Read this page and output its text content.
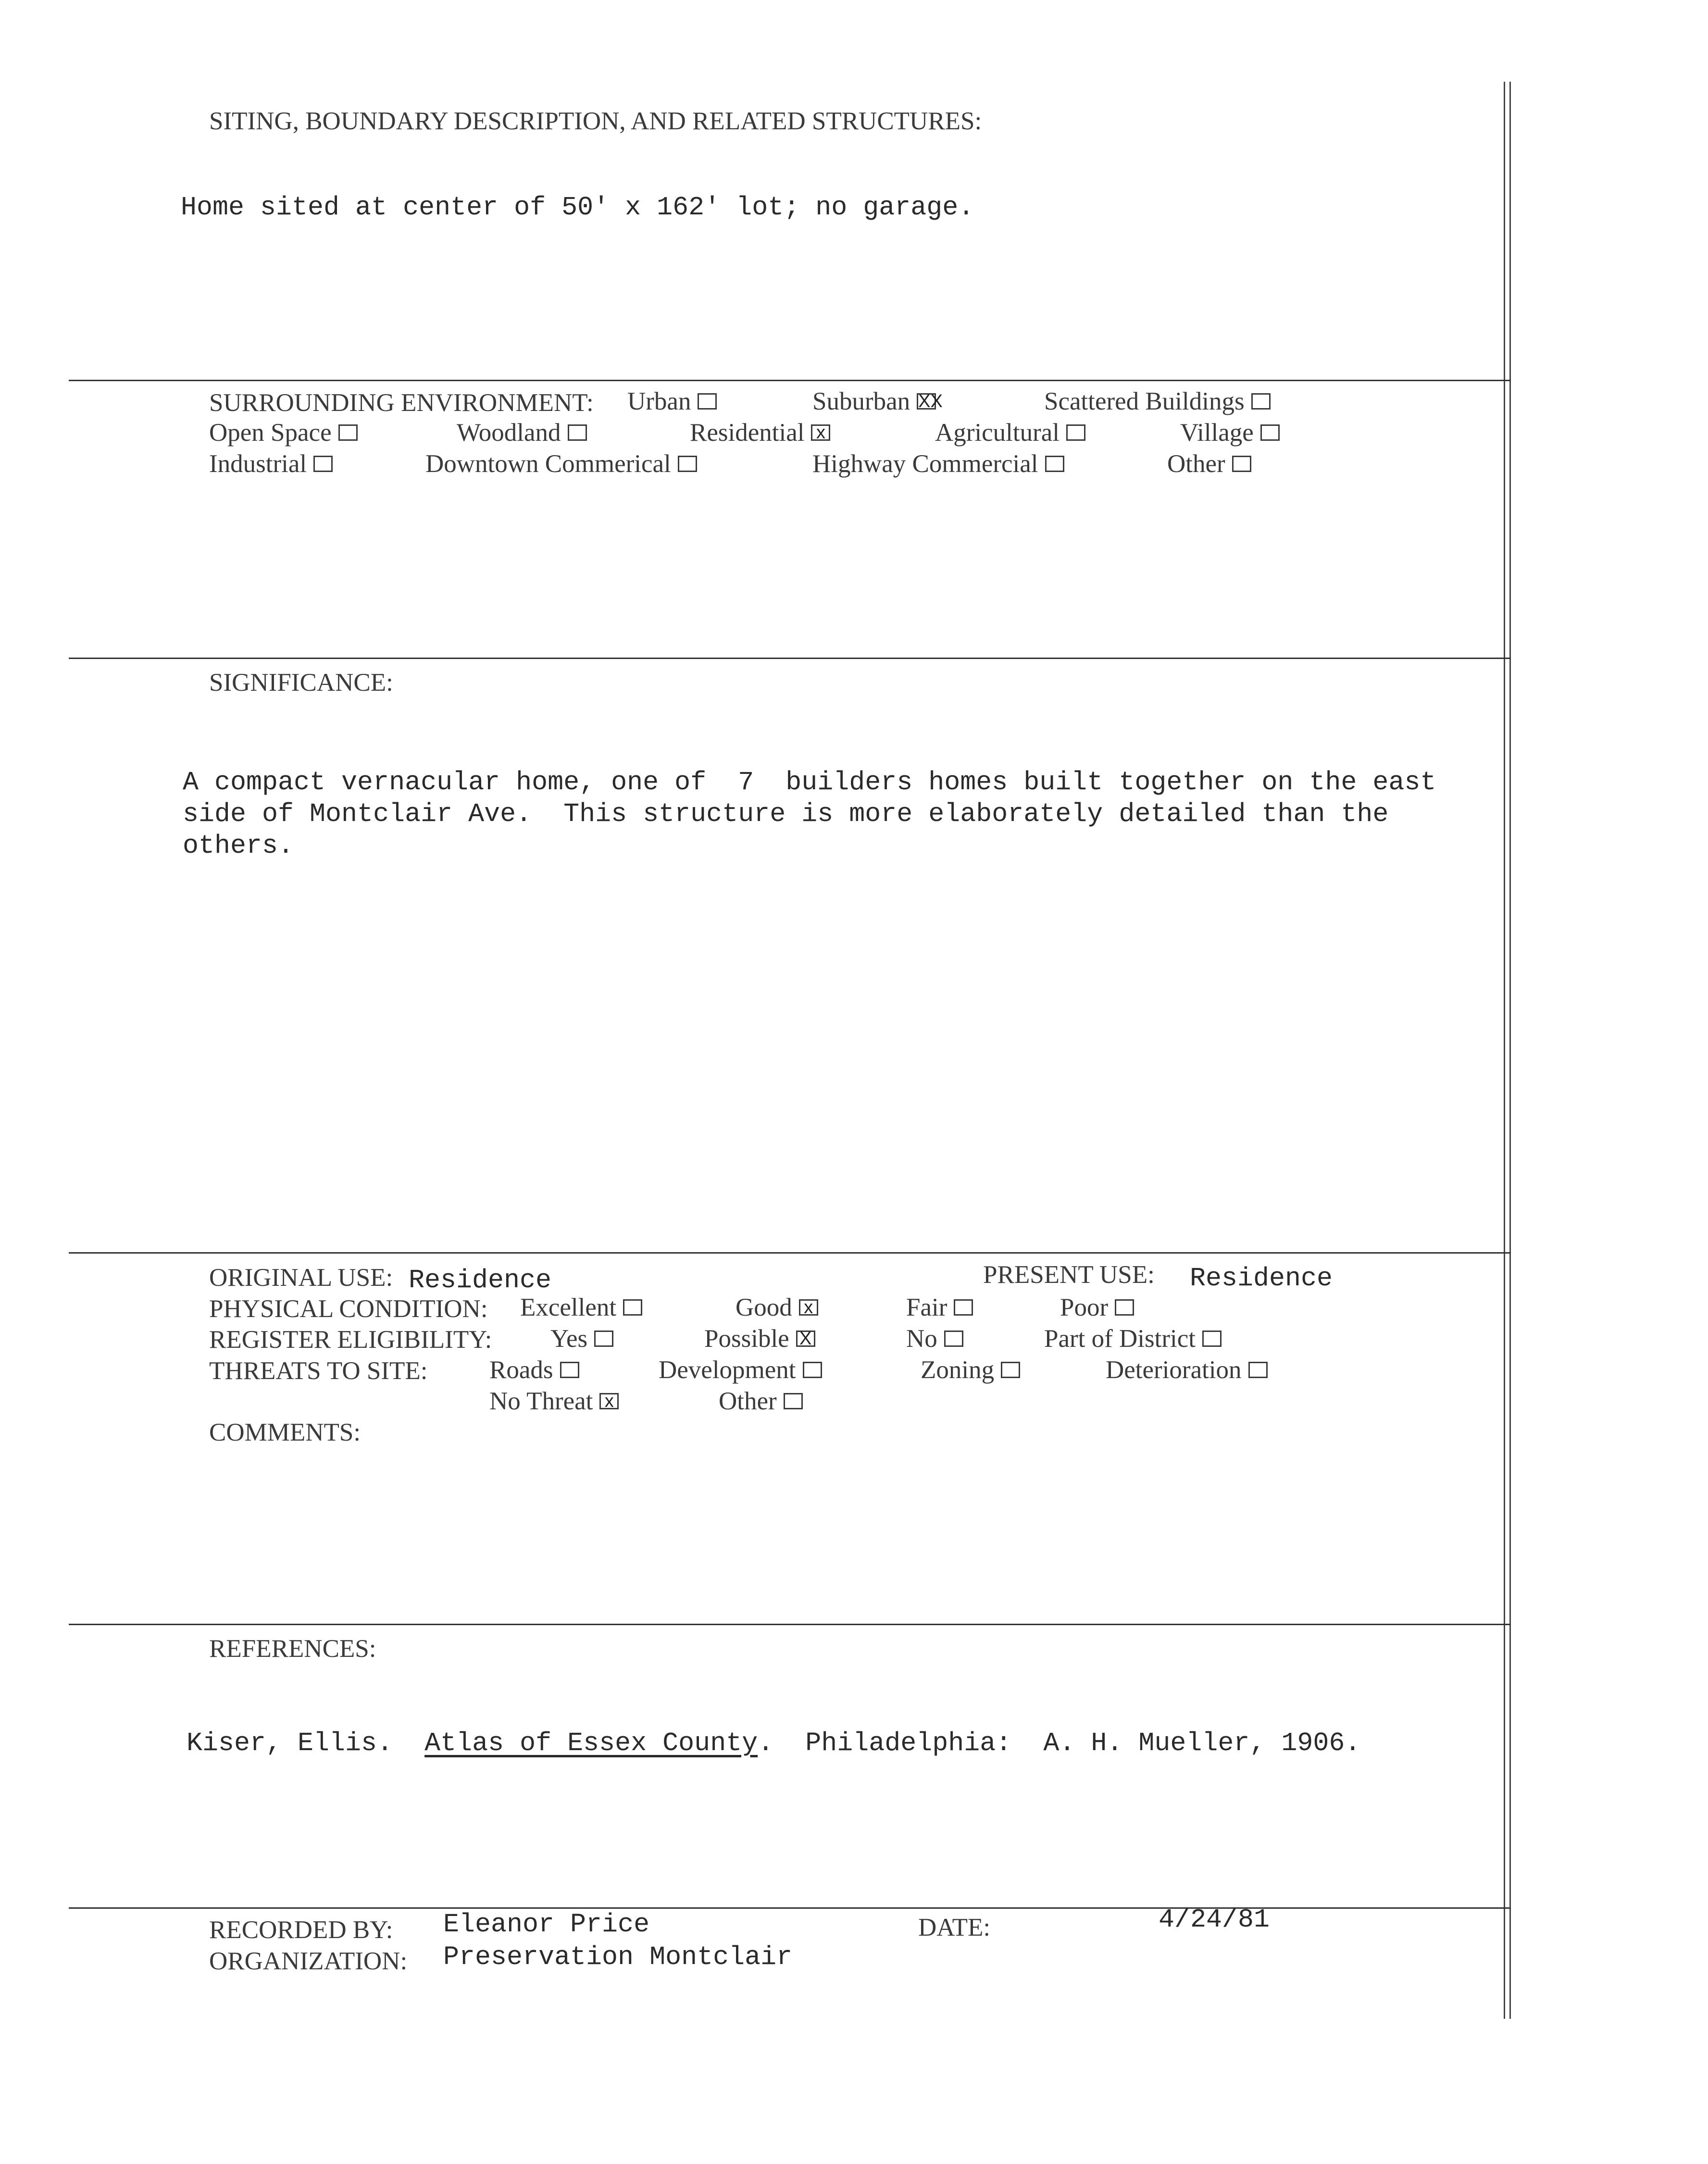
SITING, BOUNDARY DESCRIPTION, AND RELATED STRUCTURES:
Home sited at center of 50' x 162' lot; no garage.
SURROUNDING ENVIRONMENT: Urban	Suburban XX	Scattered Buildings
Open Space	Woodland	Residential x	Agricultural	Village
Industrial	Downtown Commerical	Highway Commercial	Other
SIGNIFICANCE:

A compact vernacular home, one of  7  builders homes built together on the east

side of Montclair Ave.  This structure is more elaborately detailed than the

others.

ORIGINAL USE: Residence	PRESENT USE: Residence
PHYSICAL CONDITION: Excellent	Good x	Fair	Poor
REGISTER ELIGIBILITY: Yes	Possible X	No	Part of District
THREATS TO SITE: Roads	Development	Zoning	Deterioration
No Threat x	Other
COMMENTS:
REFERENCES:
Kiser, Ellis. Atlas of Essex County.  Philadelphia:  A. H. Mueller, 1906.
RECORDED BY: Eleanor Price	DATE:	4/24/81
ORGANIZATION: Preservation Montclair
